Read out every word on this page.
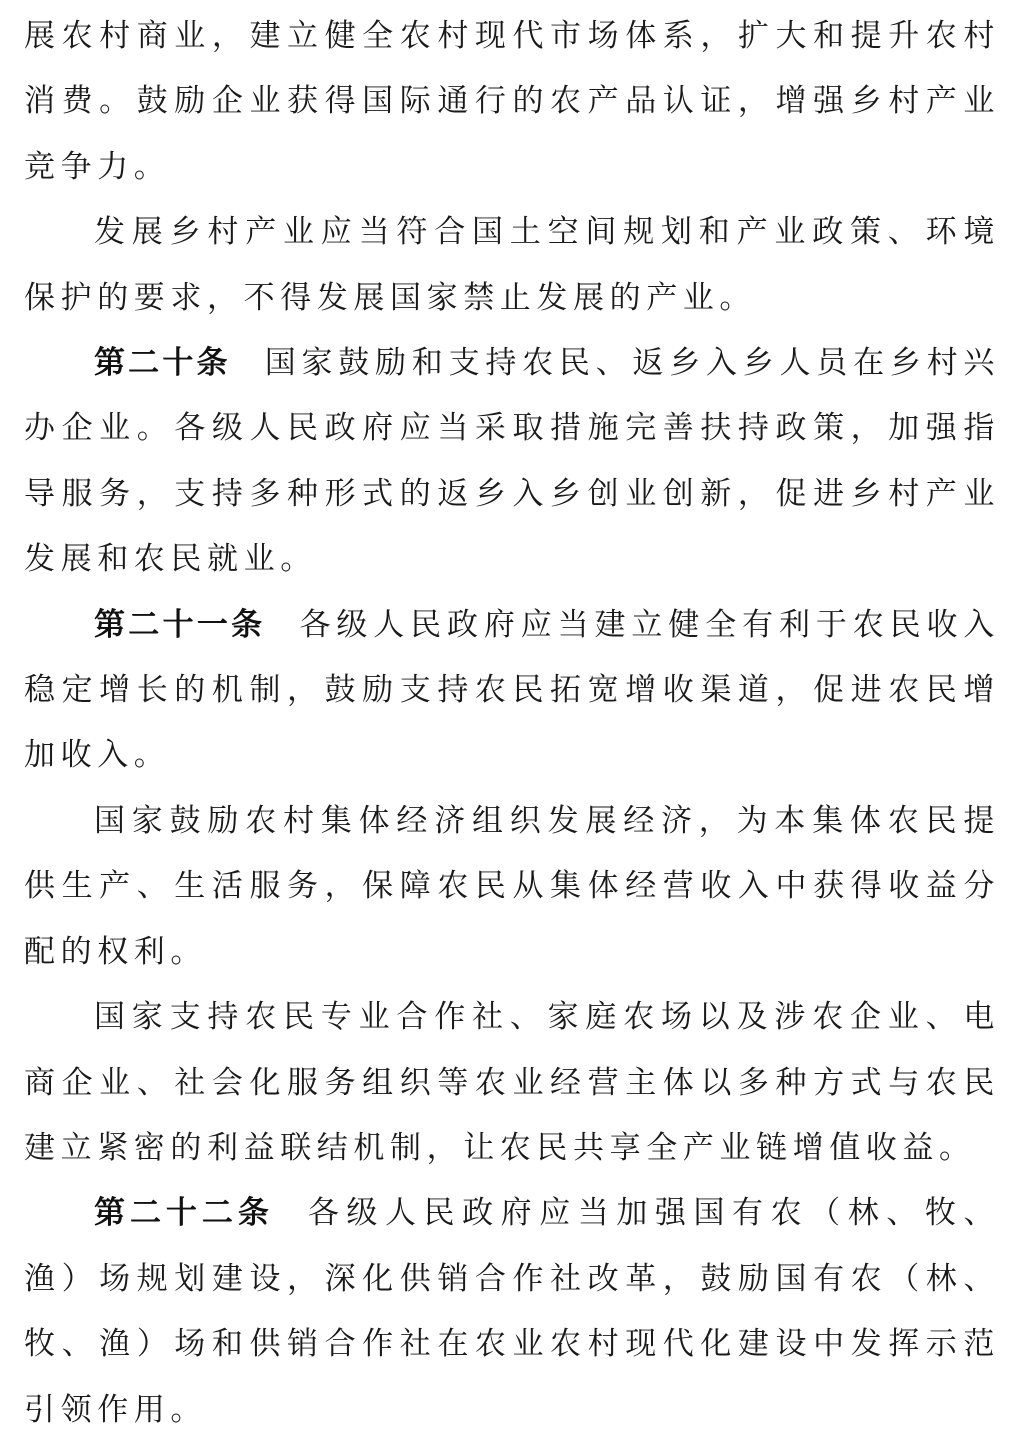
展农村商业，建立健全农村现代市场体系，扩大和提升农村消费。鼓励企业获得国际通行的农产品认证，增强乡村产业竞争力。

发展乡村产业应当符合国土空间规划和产业政策、环境保护的要求，不得发展国家禁止发展的产业。

第二十条 国家鼓励和支持农民、返乡入乡人员在乡村兴办企业。各级人民政府应当采取措施完善扶持政策，加强指导服务，支持多种形式的返乡入乡创业创新，促进乡村产业发展和农民就业。

第二十一条 各级人民政府应当建立健全有利于农民收入稳定增长的机制，鼓励支持农民拓宽增收渠道，促进农民增加收入。

国家鼓励农村集体经济组织发展经济，为本集体农民提供生产、生活服务，保障农民从集体经营收入中获得收益分配的权利。

国家支持农民专业合作社、家庭农场以及涉农企业、电商企业、社会化服务组织等农业经营主体以多种方式与农民建立紧密的利益联结机制，让农民共享全产业链增值收益。

第二十二条 各级人民政府应当加强国有农（林、牧、渔）场规划建设，深化供销合作社改革，鼓励国有农（林、牧、渔）场和供销合作社在农业农村现代化建设中发挥示范引领作用。
